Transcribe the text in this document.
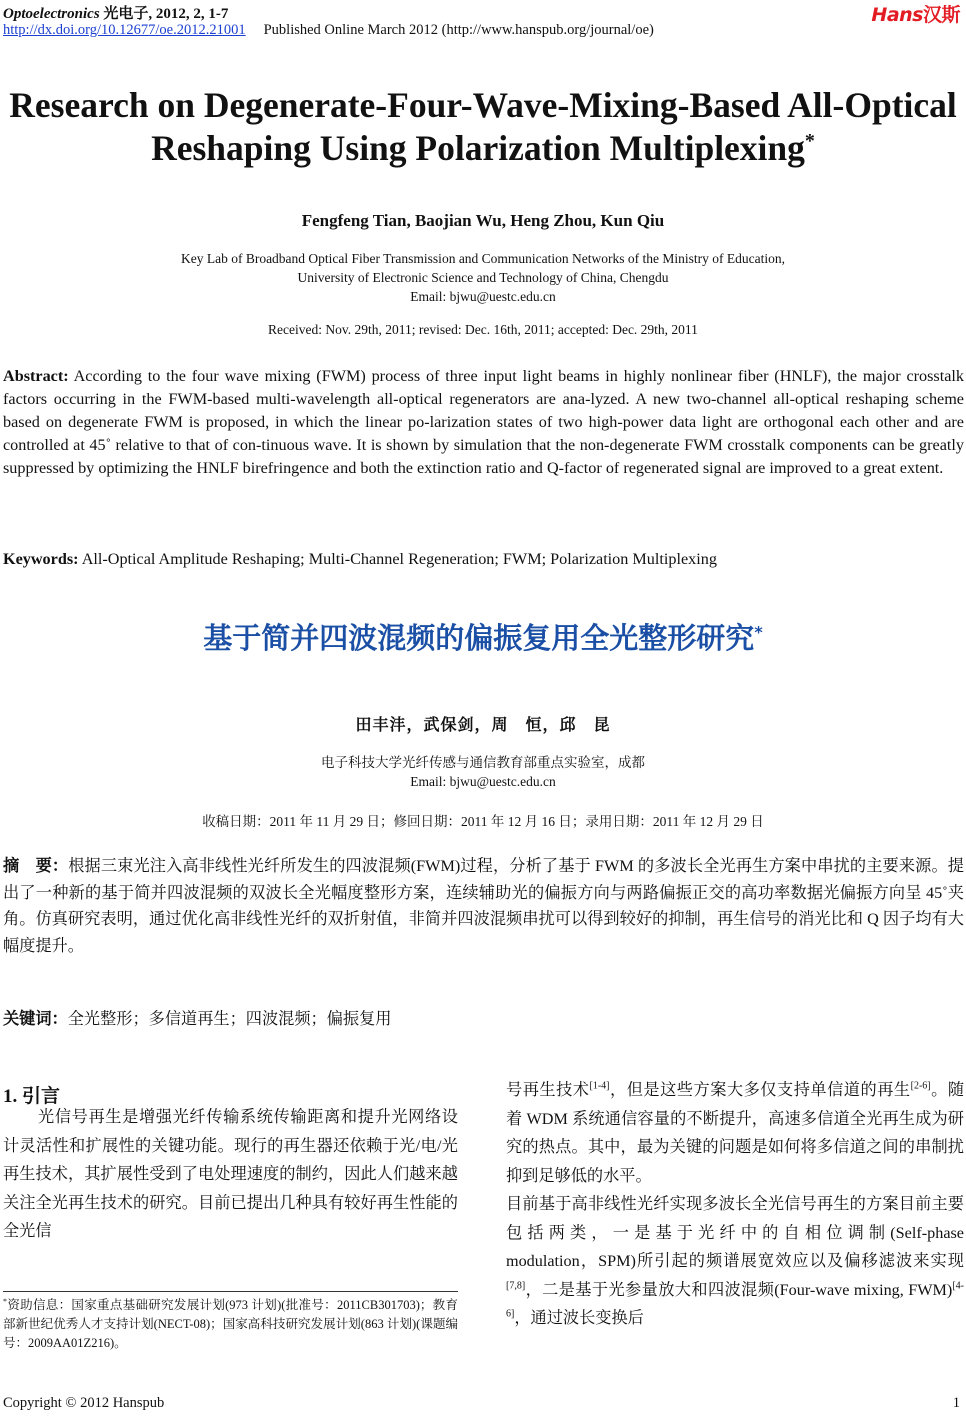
Optoelectronics 光电子, 2012, 2, 1-7
http://dx.doi.org/10.12677/oe.2012.21001 Published Online March 2012 (http://www.hanspub.org/journal/oe)
Hans汉斯
Research on Degenerate-Four-Wave-Mixing-Based All-Optical
Reshaping Using Polarization Multiplexing*
Fengfeng Tian, Baojian Wu, Heng Zhou, Kun Qiu
Key Lab of Broadband Optical Fiber Transmission and Communication Networks of the Ministry of Education,
University of Electronic Science and Technology of China, Chengdu
Email: bjwu@uestc.edu.cn
Received: Nov. 29th, 2011; revised: Dec. 16th, 2011; accepted: Dec. 29th, 2011
Abstract: According to the four wave mixing (FWM) process of three input light beams in highly nonlinear fiber (HNLF), the major crosstalk factors occurring in the FWM-based multi-wavelength all-optical regenerators are ana-lyzed. A new two-channel all-optical reshaping scheme based on degenerate FWM is proposed, in which the linear po-larization states of two high-power data light are orthogonal each other and are controlled at 45˚ relative to that of con-tinuous wave. It is shown by simulation that the non-degenerate FWM crosstalk components can be greatly suppressed by optimizing the HNLF birefringence and both the extinction ratio and Q-factor of regenerated signal are improved to a great extent.
Keywords: All-Optical Amplitude Reshaping; Multi-Channel Regeneration; FWM; Polarization Multiplexing
基于简并四波混频的偏振复用全光整形研究*
田丰沣，武保剑，周　恒，邱　昆
电子科技大学光纤传感与通信教育部重点实验室，成都
Email: bjwu@uestc.edu.cn
收稿日期：2011 年 11 月 29 日；修回日期：2011 年 12 月 16 日；录用日期：2011 年 12 月 29 日
摘　要：根据三束光注入高非线性光纤所发生的四波混频(FWM)过程，分析了基于 FWM 的多波长全光再生方案中串扰的主要来源。提出了一种新的基于简并四波混频的双波长全光幅度整形方案，连续辅助光的偏振方向与两路偏振正交的高功率数据光偏振方向呈 45˚夹角。仿真研究表明，通过优化高非线性光纤的双折射值，非简并四波混频串扰可以得到较好的抑制，再生信号的消光比和 Q 因子均有大幅度提升。
关键词：全光整形；多信道再生；四波混频；偏振复用
1. 引言
光信号再生是增强光纤传输系统传输距离和提升光网络设计灵活性和扩展性的关键功能。现行的再生器还依赖于光/电/光再生技术，其扩展性受到了电处理速度的制约，因此人们越来越关注全光再生技术的研究。目前已提出几种具有较好再生性能的全光信
号再生技术[1-4]，但是这些方案大多仅支持单信道的再生[2-6]。随着 WDM 系统通信容量的不断提升，高速多信道全光再生成为研究的热点。其中，最为关键的问题是如何将多信道之间的串制扰抑到足够低的水平。
目前基于高非线性光纤实现多波长全光信号再生的方案目前主要包括两类，一是基于光纤中的自相位调制(Self-phase modulation，SPM)所引起的频谱展宽效应以及偏移滤波来实现[7,8]，二是基于光参量放大和四波混频(Four-wave mixing, FWM)[4-6]，通过波长变换后
*资助信息：国家重点基础研究发展计划(973 计划)(批准号：2011CB301703)；教育部新世纪优秀人才支持计划(NECT-08)；国家高科技研究发展计划(863 计划)(课题编号：2009AA01Z216)。
Copyright © 2012 Hanspub	1
